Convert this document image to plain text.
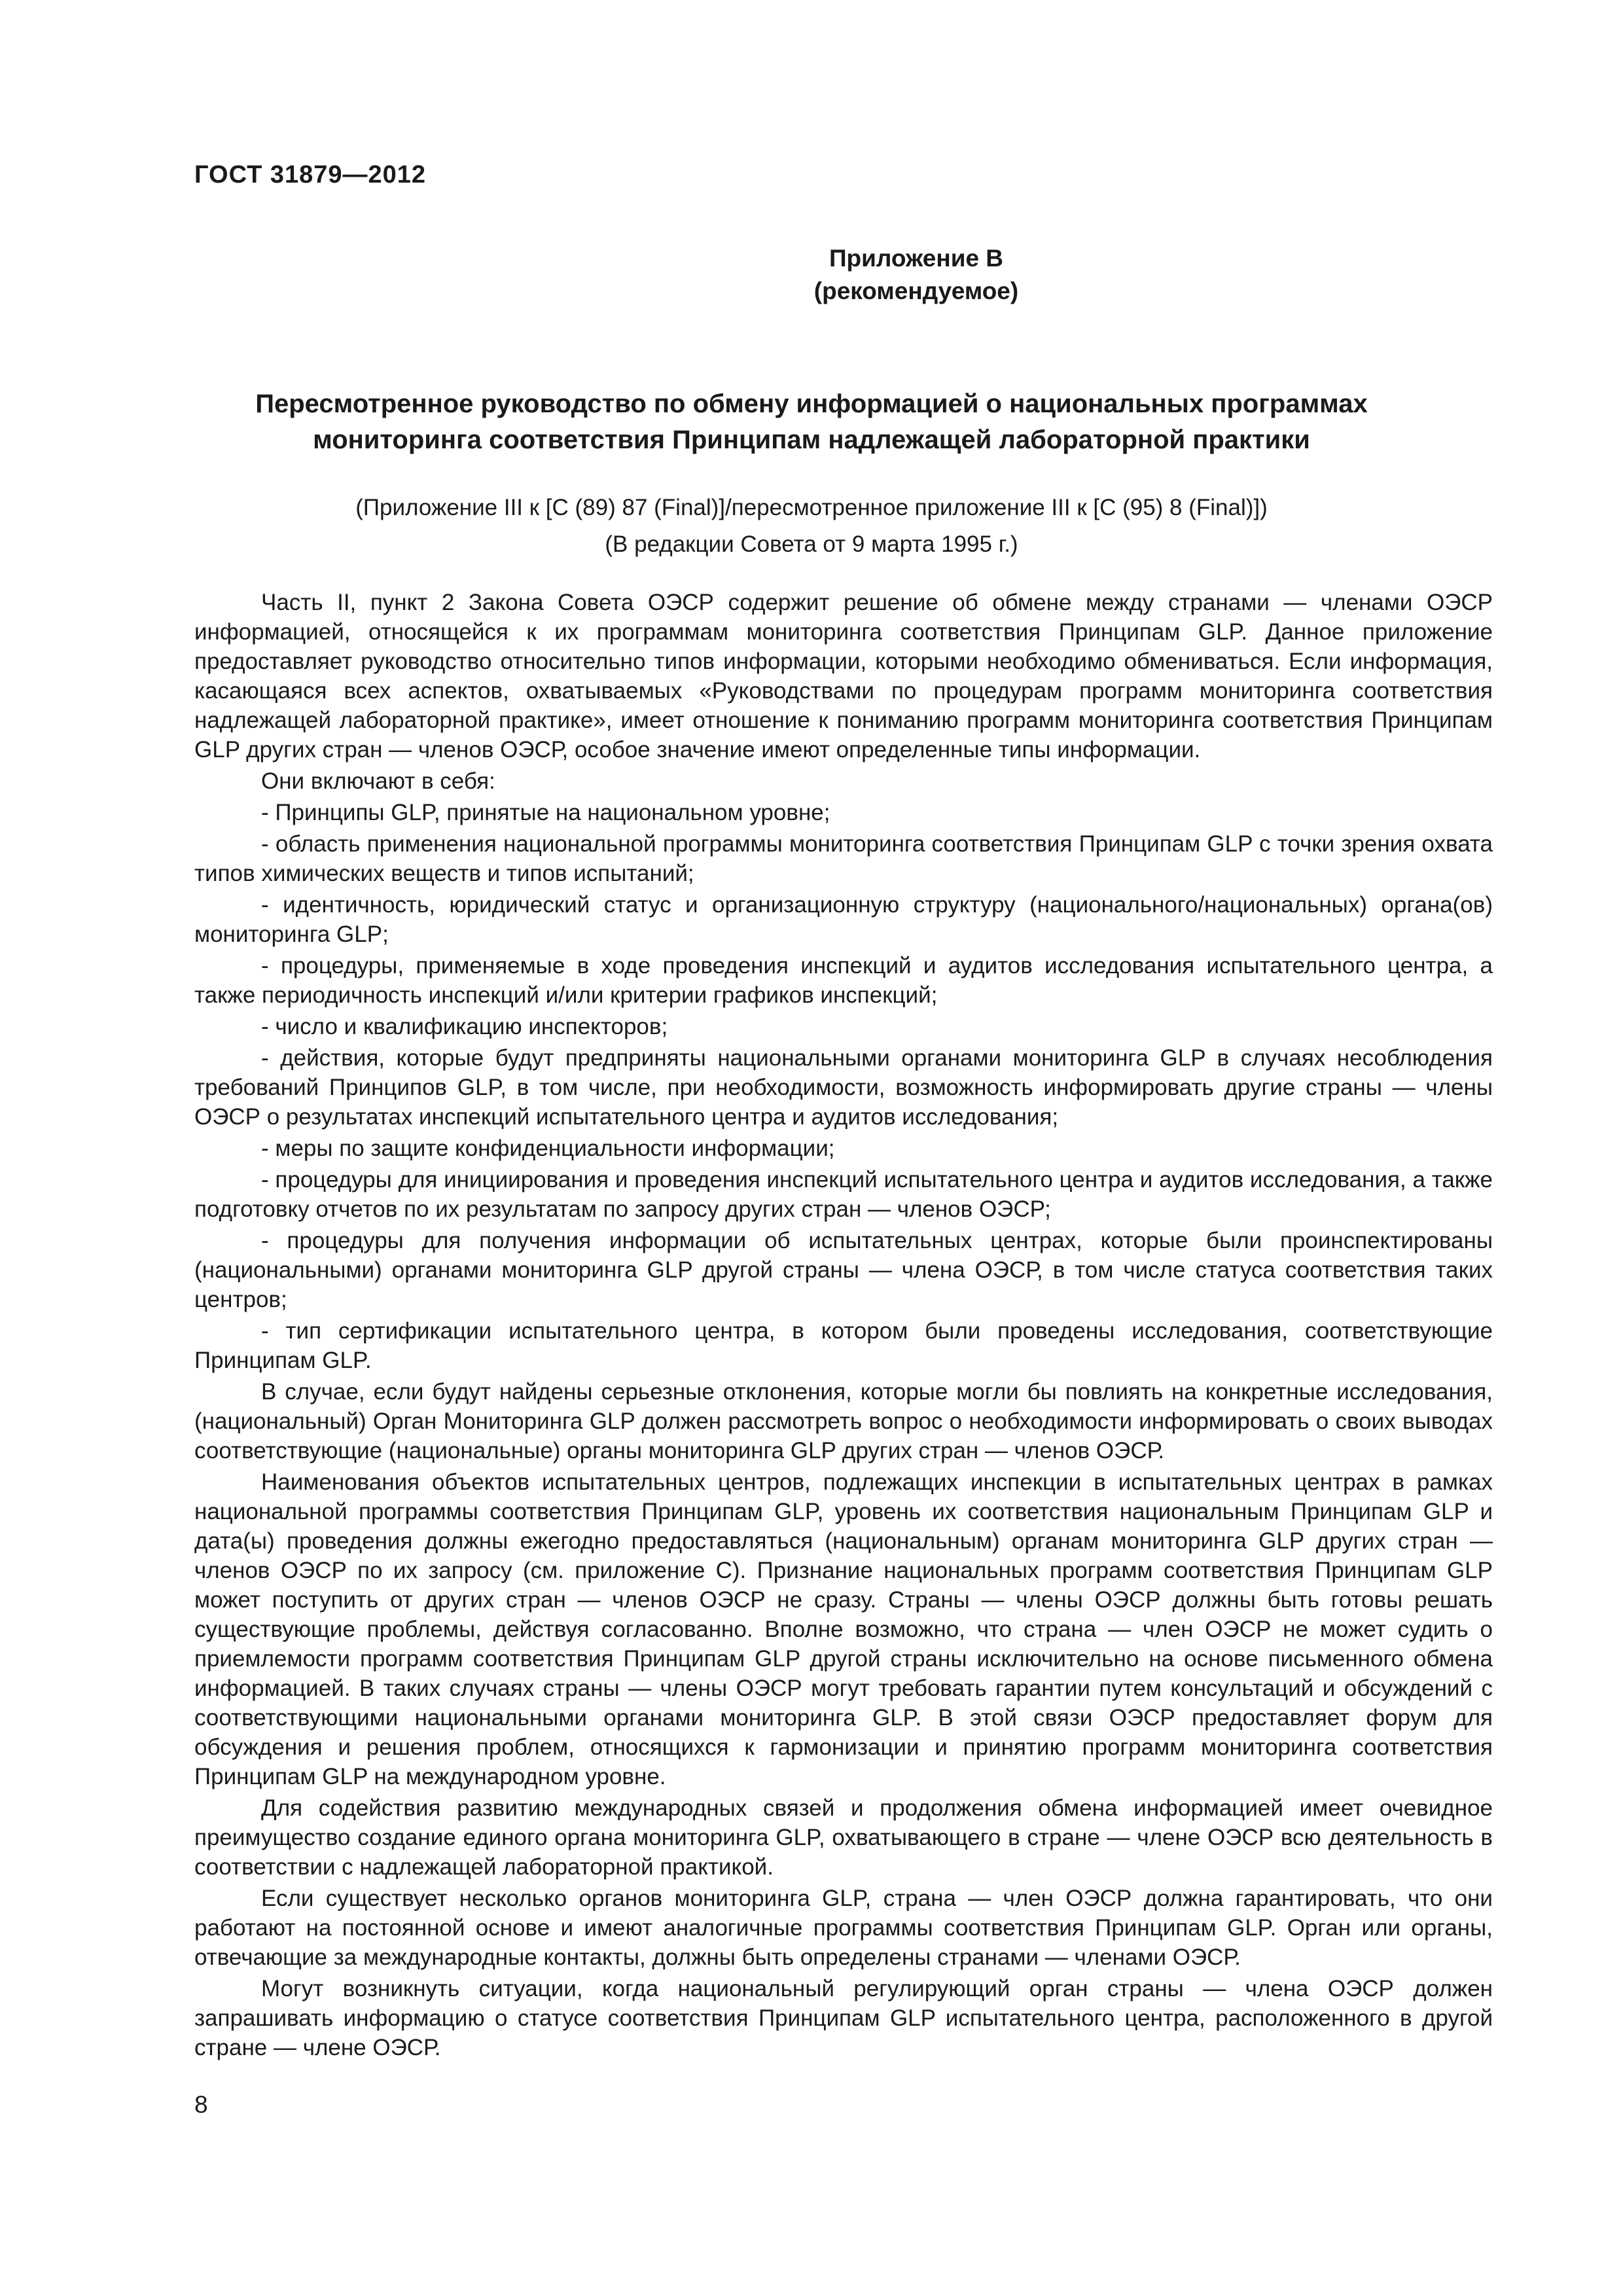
ГОСТ 31879—2012
Приложение В
(рекомендуемое)
Пересмотренное руководство по обмену информацией о национальных программах
мониторинга соответствия Принципам надлежащей лабораторной практики
(Приложение III к [С (89) 87 (Final)]/пересмотренное приложение III к [С (95) 8 (Final)])
(В редакции Совета от 9 марта 1995 г.)

Часть II, пункт 2 Закона Совета ОЭСР содержит решение об обмене между странами — членами ОЭСР информацией, относящейся к их программам мониторинга соответствия Принципам GLP. Данное приложение предоставляет руководство относительно типов информации, которыми необходимо обмениваться. Если информация, касающаяся всех аспектов, охватываемых «Руководствами по процедурам программ мониторинга соответствия надлежащей лабораторной практике», имеет отношение к пониманию программ мониторинга соответствия Принципам GLP других стран — членов ОЭСР, особое значение имеют определенные типы информации.

Они включают в себя:

- Принципы GLP, принятые на национальном уровне;

- область применения национальной программы мониторинга соответствия Принципам GLP с точки зрения охвата типов химических веществ и типов испытаний;

- идентичность, юридический статус и организационную структуру (национального/национальных) органа(ов) мониторинга GLP;

- процедуры, применяемые в ходе проведения инспекций и аудитов исследования испытательного центра, а также периодичность инспекций и/или критерии графиков инспекций;

- число и квалификацию инспекторов;

- действия, которые будут предприняты национальными органами мониторинга GLP в случаях несоблюдения требований Принципов GLP, в том числе, при необходимости, возможность информировать другие страны — члены ОЭСР о результатах инспекций испытательного центра и аудитов исследования;

- меры по защите конфиденциальности информации;

- процедуры для инициирования и проведения инспекций испытательного центра и аудитов исследования, а также подготовку отчетов по их результатам по запросу других стран — членов ОЭСР;

- процедуры для получения информации об испытательных центрах, которые были проинспектированы (национальными) органами мониторинга GLP другой страны — члена ОЭСР, в том числе статуса соответствия таких центров;

- тип сертификации испытательного центра, в котором были проведены исследования, соответствующие Принципам GLP.

В случае, если будут найдены серьезные отклонения, которые могли бы повлиять на конкретные исследования, (национальный) Орган Мониторинга GLP должен рассмотреть вопрос о необходимости информировать о своих выводах соответствующие (национальные) органы мониторинга GLP других стран — членов ОЭСР.

Наименования объектов испытательных центров, подлежащих инспекции в испытательных центрах в рамках национальной программы соответствия Принципам GLP, уровень их соответствия национальным Принципам GLP и дата(ы) проведения должны ежегодно предоставляться (национальным) органам мониторинга GLP других стран — членов ОЭСР по их запросу (см. приложение С). Признание национальных программ соответствия Принципам GLP может поступить от других стран — членов ОЭСР не сразу. Страны — члены ОЭСР должны быть готовы решать существующие проблемы, действуя согласованно. Вполне возможно, что страна — член ОЭСР не может судить о приемлемости программ соответствия Принципам GLP другой страны исключительно на основе письменного обмена информацией. В таких случаях страны — члены ОЭСР могут требовать гарантии путем консультаций и обсуждений с соответствующими национальными органами мониторинга GLP. В этой связи ОЭСР предоставляет форум для обсуждения и решения проблем, относящихся к гармонизации и принятию программ мониторинга соответствия Принципам GLP на международном уровне.

Для содействия развитию международных связей и продолжения обмена информацией имеет очевидное преимущество создание единого органа мониторинга GLP, охватывающего в стране — члене ОЭСР всю деятельность в соответствии с надлежащей лабораторной практикой.

Если существует несколько органов мониторинга GLP, страна — член ОЭСР должна гарантировать, что они работают на постоянной основе и имеют аналогичные программы соответствия Принципам GLP. Орган или органы, отвечающие за международные контакты, должны быть определены странами — членами ОЭСР.

Могут возникнуть ситуации, когда национальный регулирующий орган страны — члена ОЭСР должен запрашивать информацию о статусе соответствия Принципам GLP испытательного центра, расположенного в другой стране — члене ОЭСР.

8
